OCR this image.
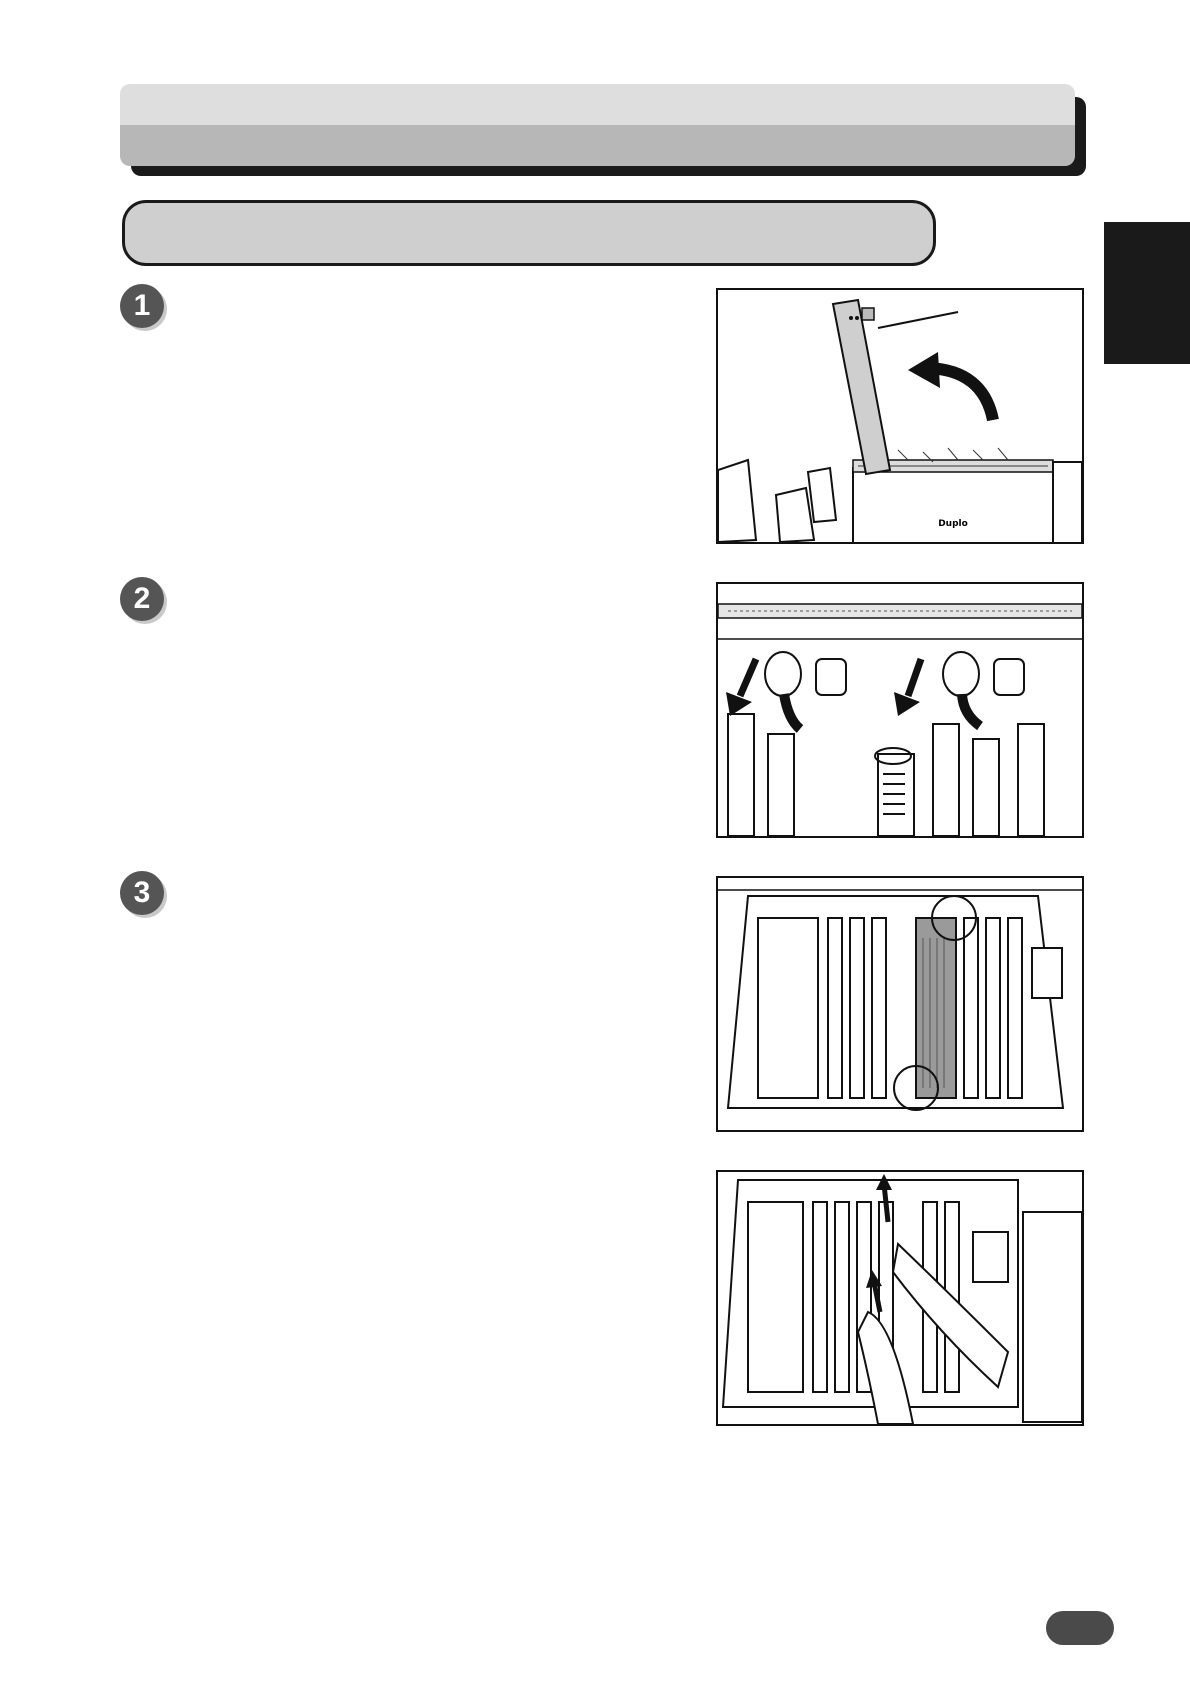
1
2
3
Duplo
